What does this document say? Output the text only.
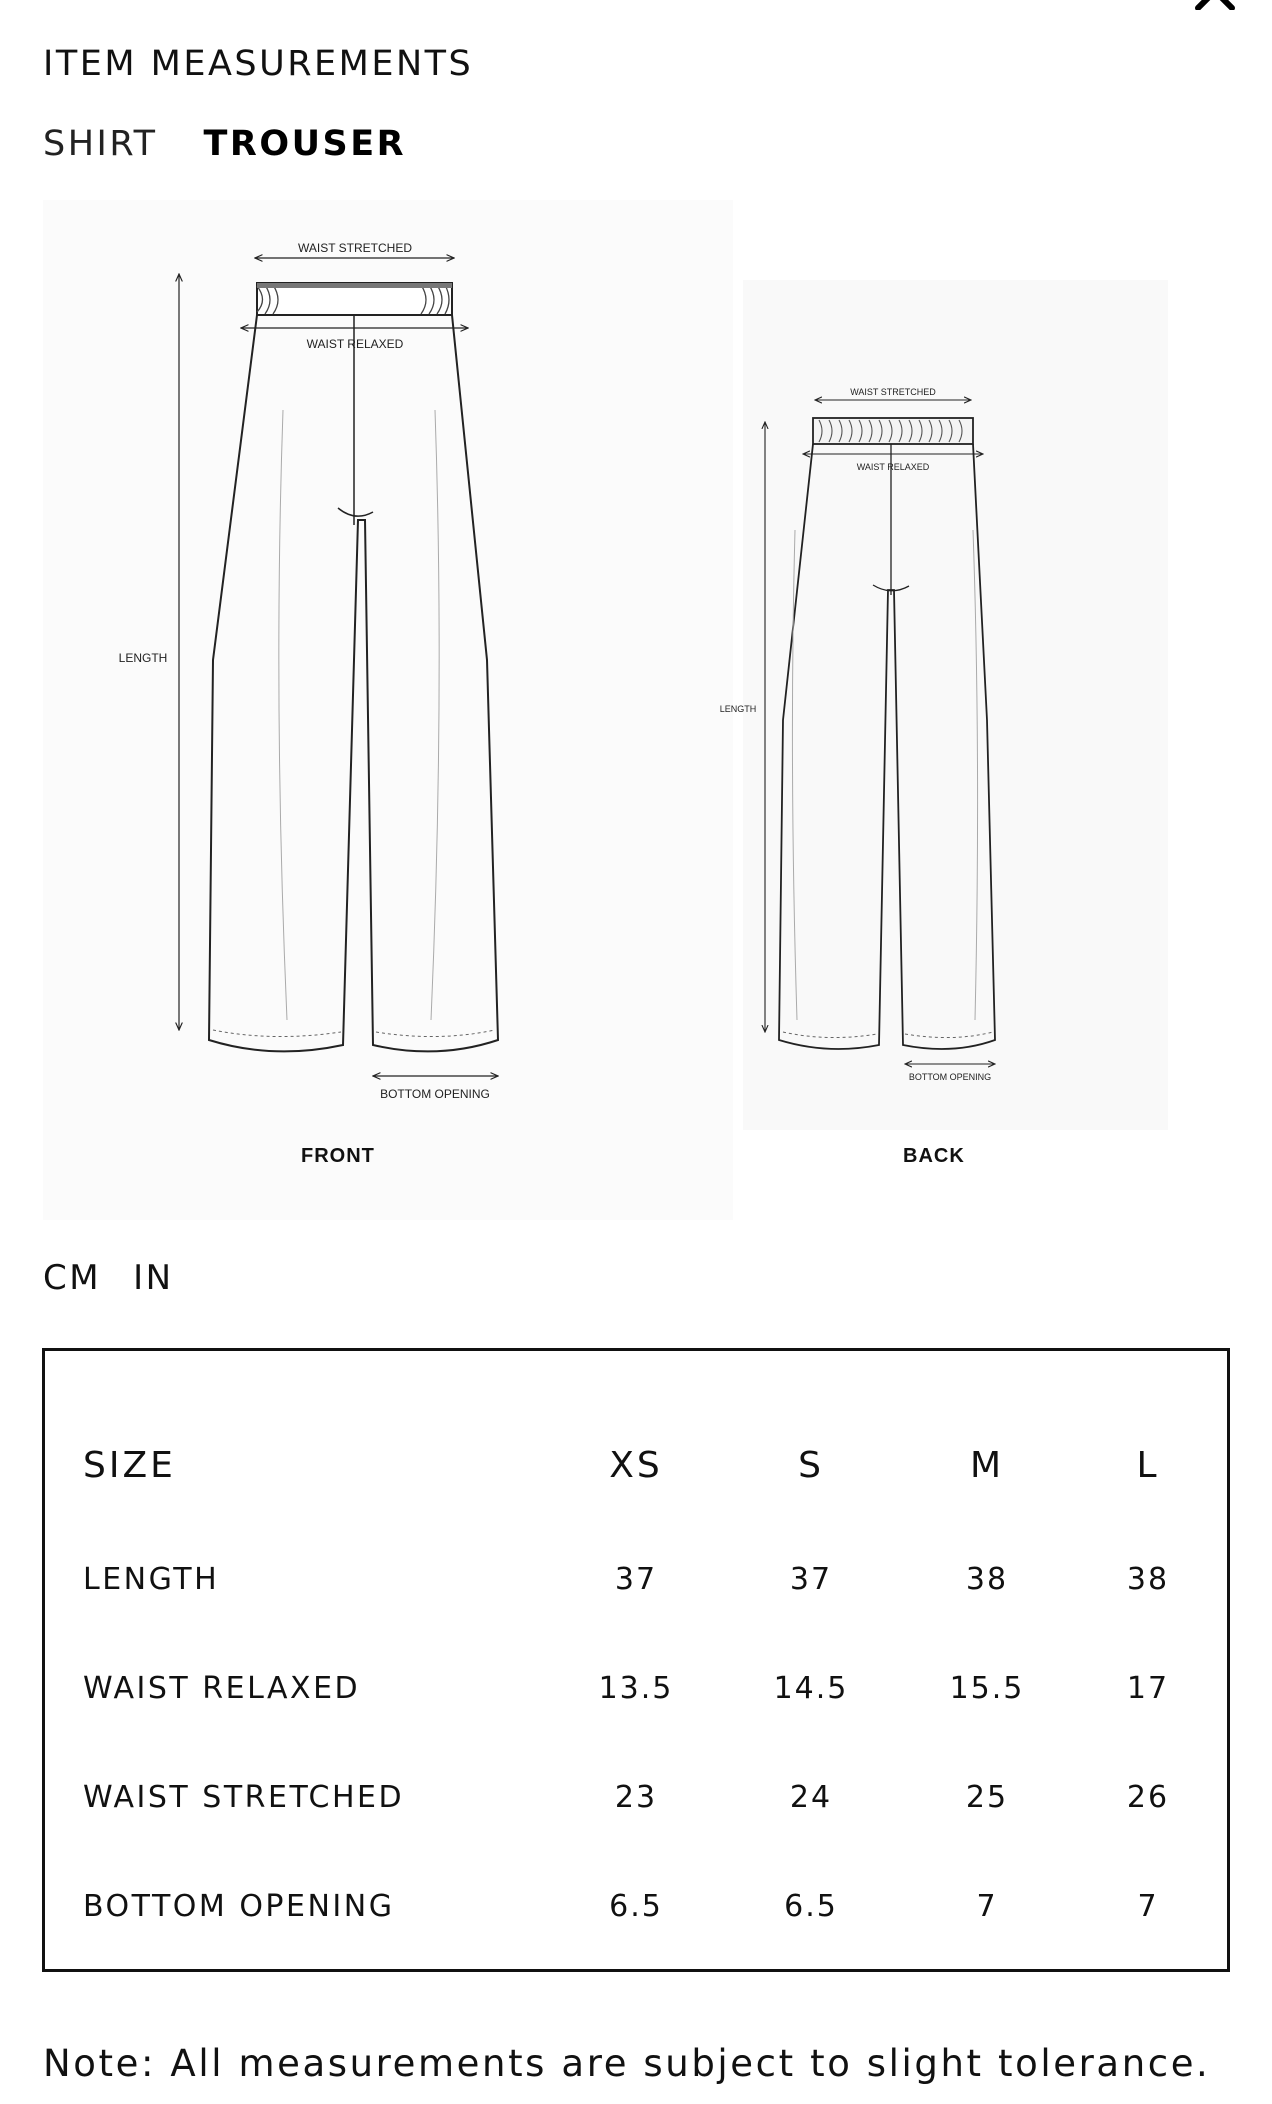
ITEM MEASUREMENTS
SHIRT TROUSER
WAIST STRETCHED
WAIST RELAXED
LENGTH
BOTTOM OPENING
WAIST STRETCHED
WAIST RELAXED
LENGTH
BOTTOM OPENING
FRONT	BACK
CM IN
SIZE	XS	S	M	L
LENGTH	37	37	38	38
WAIST RELAXED	13.5	14.5	15.5	17
WAIST STRETCHED	23	24	25	26
BOTTOM OPENING	6.5	6.5	7	7
Note: All measurements are subject to slight tolerance.
